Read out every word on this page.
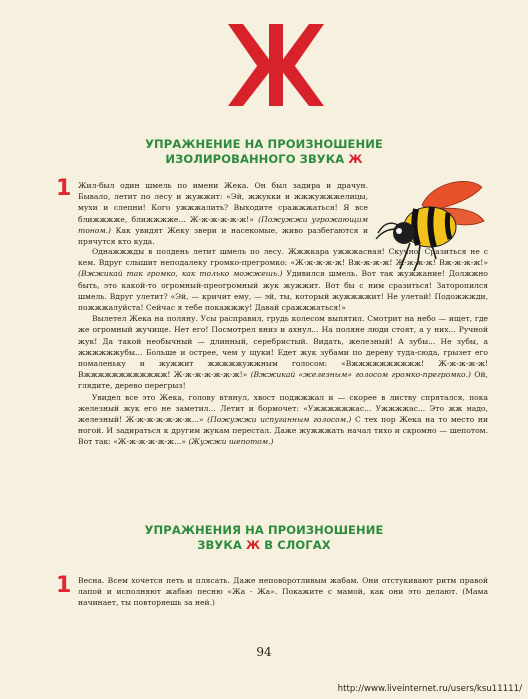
УПРАЖНЕНИЕ НА ПРОИЗНОШЕНИЕ
ИЗОЛИРОВАННОГО ЗВУКА Ж
1 Жил-был один шмель по имени Жека. Он был задира и драчун. Бывало, летит по лесу и жужжит: «Эй, жжукки и жжжужжжелицы, мухи и слепни! Кого ужжжалить? Выходите сражжжаться! Я все ближжжже, ближжжже... Ж-ж-ж-ж-ж-ж!» (Пожужжи угрожающим тоном.) Как увидят Жеку звери и насекомые, живо разбегаются и прячутся кто куда.

Однажжжды в полдень летит шмель по лесу. Жжжкара ужжжасная! Скучно. Сразиться не с кем. Вдруг слышит неподалеку громко-прегромко: «Ж-ж-ж-ж-ж! Вж-ж-ж-ж! Ж-ж-ж-ж! Вж-ж-ж-ж!» (Вжжикай так громко, как только можжешь.) Удивился шмель. Вот так жужжание! Должжно быть, это какой-то огромный-преогромный жук жужжит. Вот бы с ним сразиться! Заторопился шмель. Вдруг улетит? «Эй, — кричит ему, — эй, ты, который жужжжжит! Не улетай! Подожжжди, пожжжалуйста! Сейчас я тебе покажжжу! Давай сражжжаться!»

Вылетел Жека на поляну. Усы расправил, грудь колесом выпятил. Смотрит на небо — ищет, где же огромный жучище. Нет его! Посмотрел вниз и ахнул... На поляне люди стоят, а у них... Ручной жук! Да такой необычный — длинный, серебристый. Видать, железный! А зубы... Не зубы, а жжжжжжубы... Больше и острее, чем у щуки! Едет жук зубами по дереву туда-сюда, грызет его помаленьку и жужжит жжжжжужжным голосом: «Вжжжжжжжжжж! Ж-ж-ж-ж-ж! Вжжжжжжжжжжжж! Ж-ж-ж-ж-ж-ж-ж!» (Вжжикай «железным» голосом громко-прегромко.) Ой, глядите, дерево перегрыз!

Увидел все это Жека, голову втянул, хвост поджжжал и — скорее в листву спрятался, пока железный жук его не заметил... Летит и бормочет: «Ужжжжжжас... Ужжжжас... Это жж надо, железный! Ж-ж-ж-ж-ж-ж-ж...» (Пожужжи испуганным голосом.) С тех пор Жека на то место ни ногой. И задираться к другим жукам перестал. Даже жужжжать начал тихо и скромно — шепотом. Вот так: «Ж-ж-ж-ж-ж-ж...» (Жужжи шепотом.)

УПРАЖНЕНИЯ НА ПРОИЗНОШЕНИЕ
ЗВУКА Ж В СЛОГАХ
1 Весна. Всем хочется петь и плясать. Даже неповоротливым жабам. Они отстукивают ритм правой лапой и исполняют жабью песню «Жа - Жа». Покажите с мамой, как они это делают. (Мама начинает, ты повторяешь за ней.)

94
http://www.liveinternet.ru/users/ksu11111/
